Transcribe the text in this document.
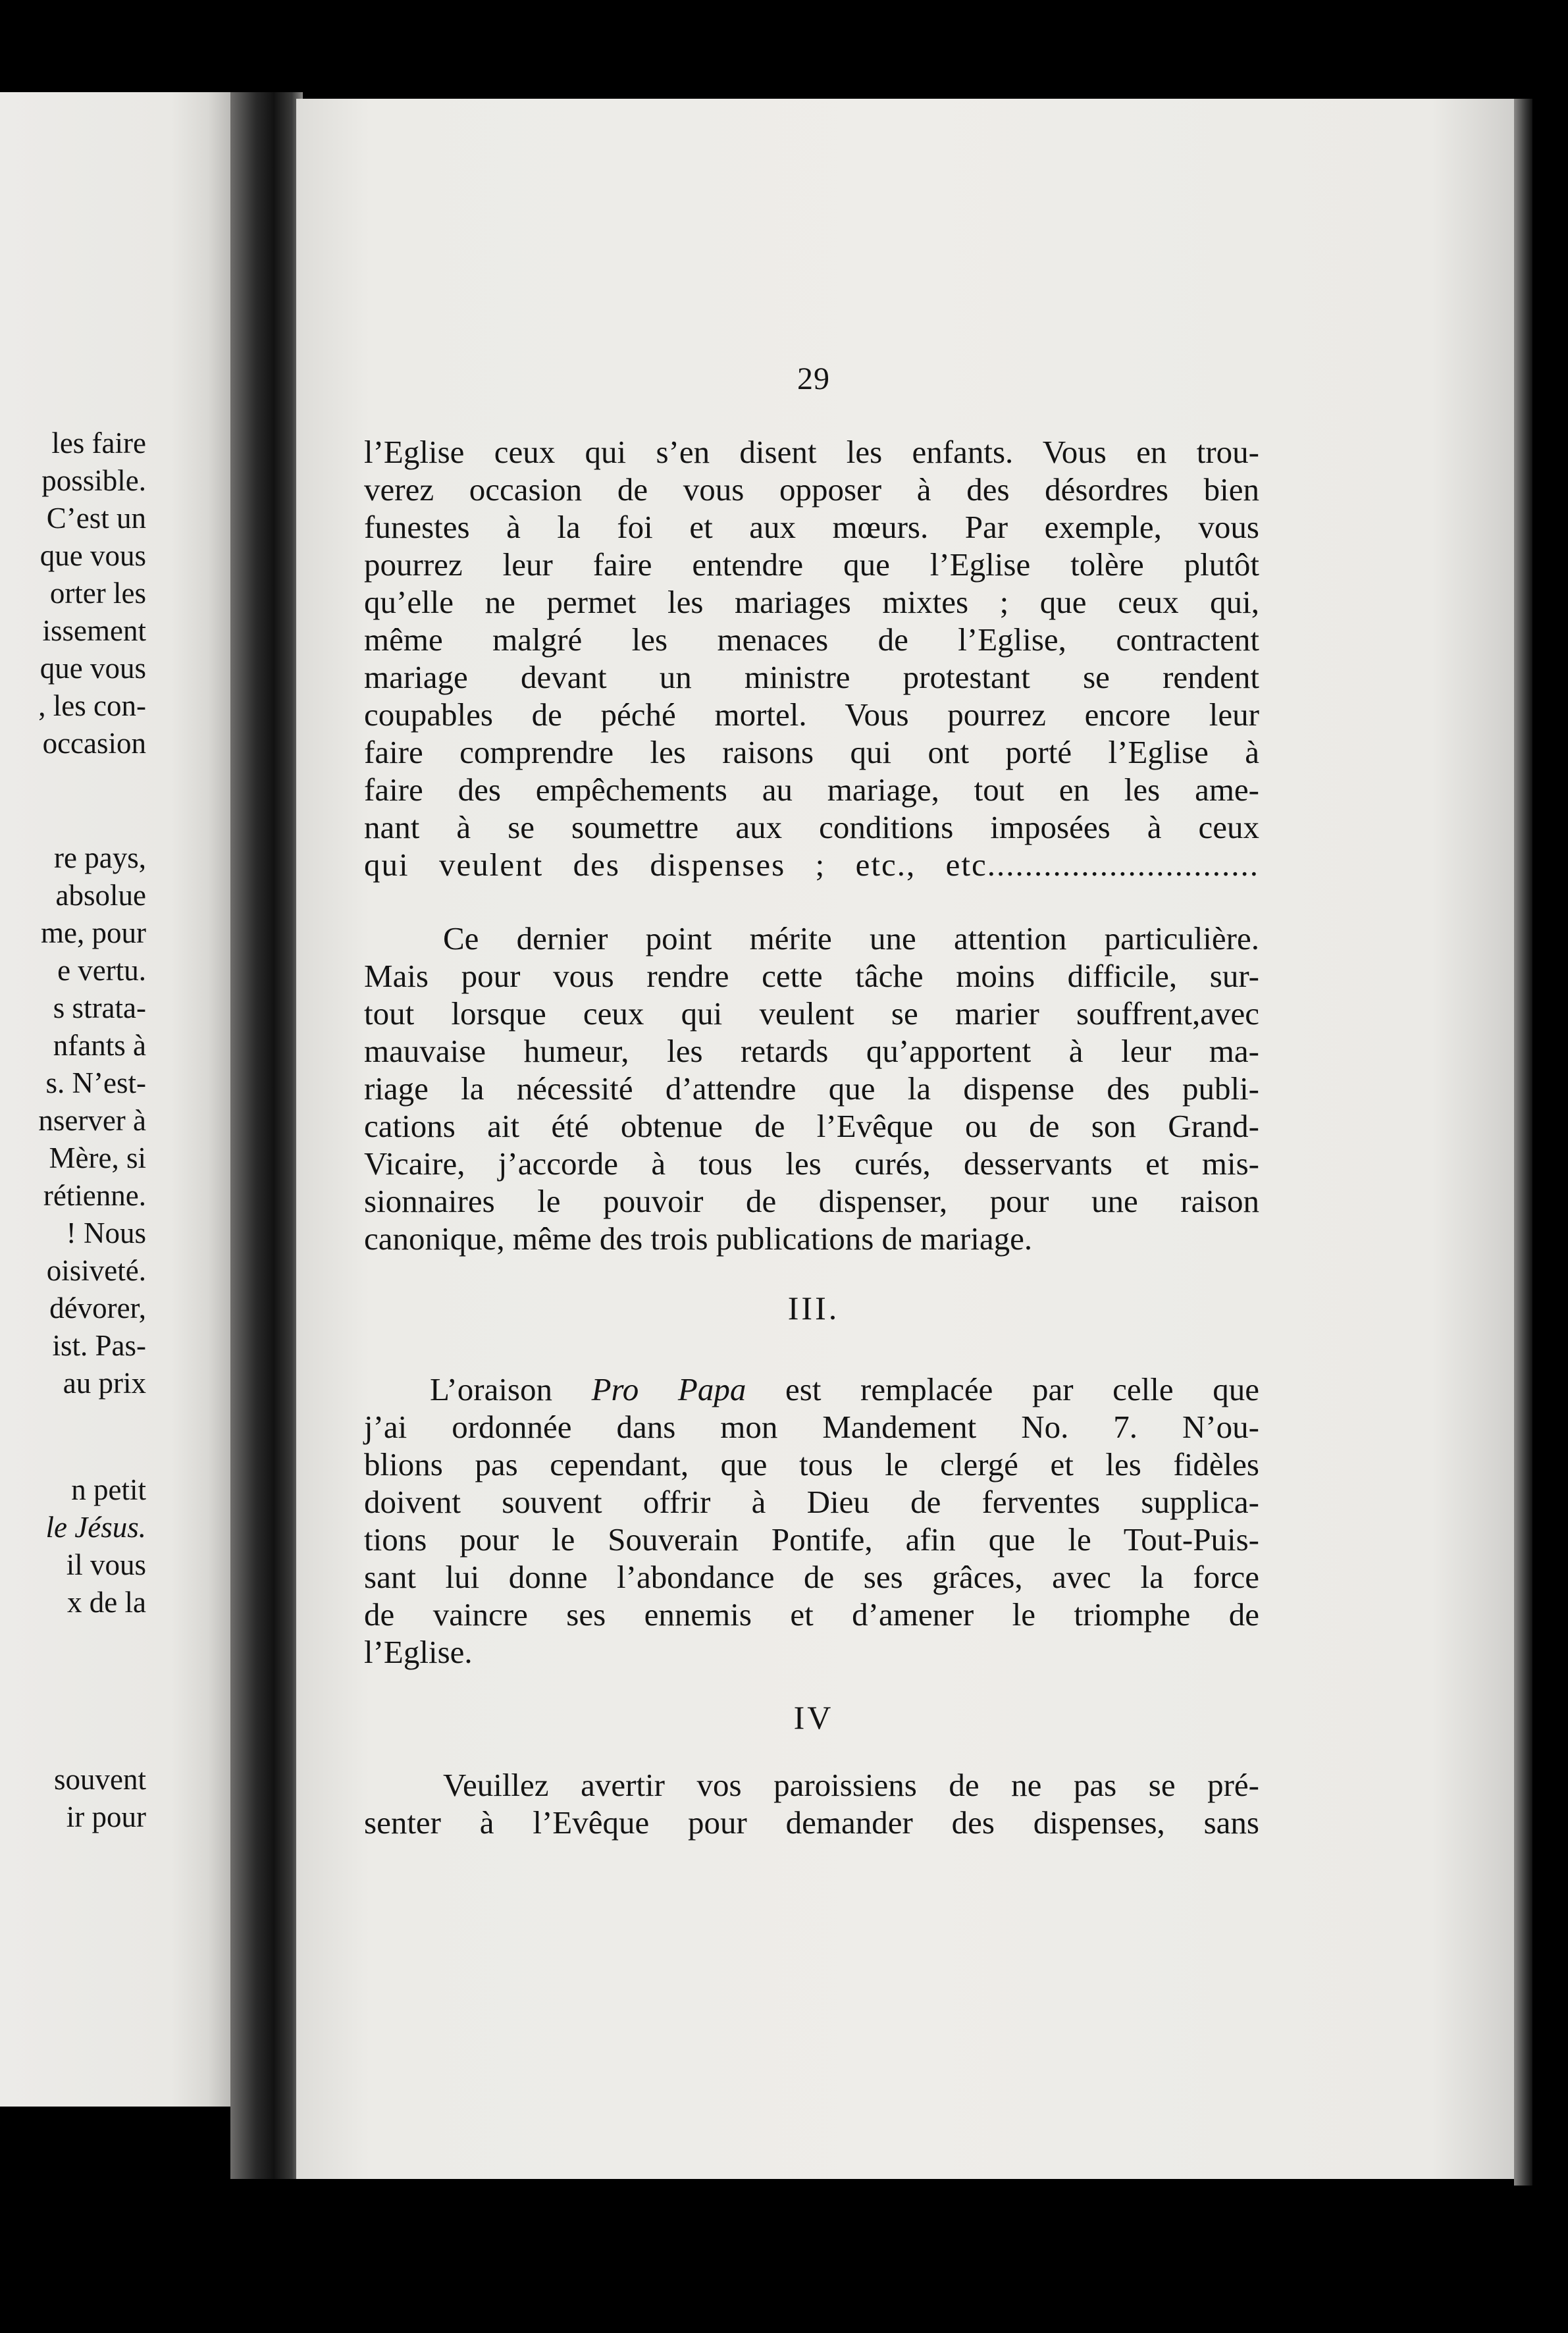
les faire
possible.
C’est un
que vous
orter les
issement
que vous
, les con-
occasion
re pays,
absolue
me, pour
e vertu.
s strata-
nfants à
s. N’est-
nserver à
Mère, si
rétienne.
! Nous
oisiveté.
dévorer,
ist. Pas-
au prix
n petit
le Jésus.
il vous
x de la
souvent
ir pour
29
l’Eglise ceux qui s’en disent les enfants. Vous en trou-
verez occasion de vous opposer à des désordres bien
funestes à la foi et aux mœurs. Par exemple, vous
pourrez leur faire entendre que l’Eglise tolère plutôt
qu’elle ne permet les mariages mixtes ; que ceux qui,
même malgré les menaces de l’Eglise, contractent
mariage devant un ministre protestant se rendent
coupables de péché mortel. Vous pourrez encore leur
faire comprendre les raisons qui ont porté l’Eglise à
faire des empêchements au mariage, tout en les ame-
nant à se soumettre aux conditions imposées à ceux
qui veulent des dispenses ; etc., etc.............................
Ce dernier point mérite une attention particulière.
Mais pour vous rendre cette tâche moins difficile, sur-
tout lorsque ceux qui veulent se marier souffrent,avec
mauvaise humeur, les retards qu’apportent à leur ma-
riage la nécessité d’attendre que la dispense des publi-
cations ait été obtenue de l’Evêque ou de son Grand-
Vicaire, j’accorde à tous les curés, desservants et mis-
sionnaires le pouvoir de dispenser, pour une raison
canonique, même des trois publications de mariage.
III.
L’oraison Pro Papa est remplacée par celle que
j’ai ordonnée dans mon Mandement No. 7. N’ou-
blions pas cependant, que tous le clergé et les fidèles
doivent souvent offrir à Dieu de ferventes supplica-
tions pour le Souverain Pontife, afin que le Tout-Puis-
sant lui donne l’abondance de ses grâces, avec la force
de vaincre ses ennemis et d’amener le triomphe de
l’Eglise.
IV
Veuillez avertir vos paroissiens de ne pas se pré-
senter à l’Evêque pour demander des dispenses, sans
